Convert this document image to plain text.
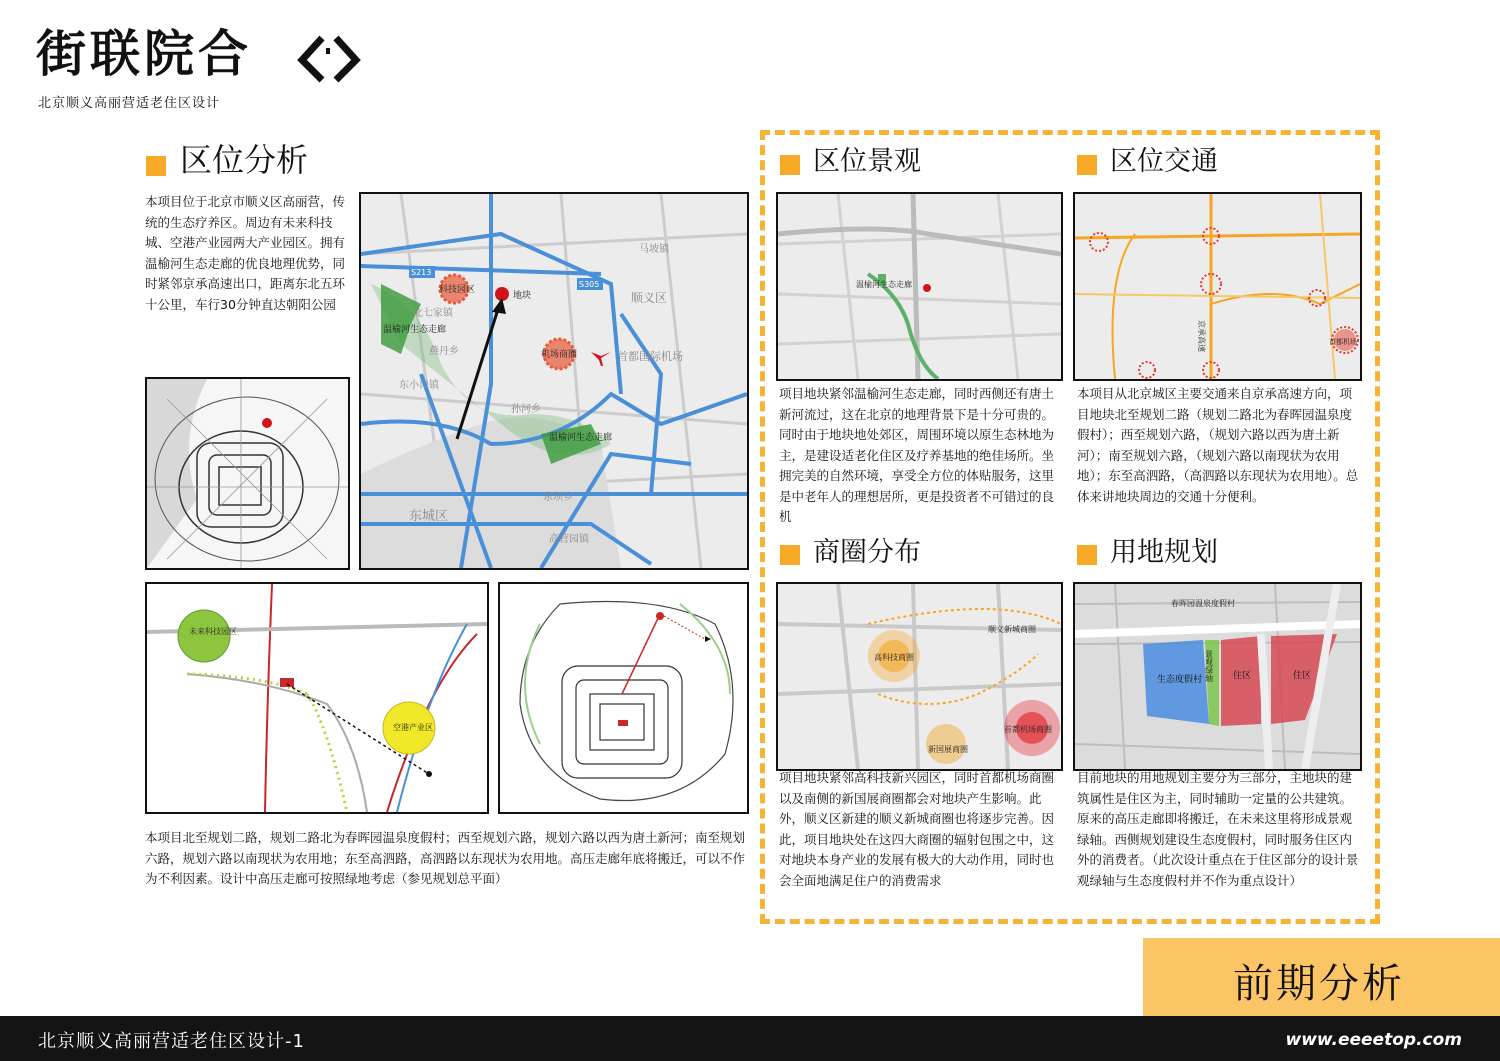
街联院合
北京顺义高丽营适老住区设计
区位分析
本项目位于北京市顺义区高丽营，传统的生态疗养区。周边有未来科技城、空港产业园两大产业园区。拥有温榆河生态走廊的优良地理优势，同时紧邻京承高速出口，距离东北五环十公里，车行30分钟直达朝阳公园
地块
科技园区
机场商圈
温榆河生态走廊
温榆河生态走廊
顺义区
首都国际机场
东城区
马坡镇
北七家镇
燕丹乡
东小口镇
孙河乡
东坝乡
高营园镇
S213
S305
未来科技园区
空港产业区
本项目北至规划二路，规划二路北为春晖园温泉度假村；西至规划六路，规划六路以西为唐土新河；南至规划六路，规划六路以南现状为农用地；东至高泗路，高泗路以东现状为农用地。高压走廊年底将搬迁，可以不作为不利因素。设计中高压走廊可按照绿地考虑（参见规划总平面）
区位景观
温榆河生态走廊
项目地块紧邻温榆河生态走廊，同时西侧还有唐土新河流过，这在北京的地理背景下是十分可贵的。同时由于地块地处郊区，周围环境以原生态林地为主，是建设适老化住区及疗养基地的绝佳场所。坐拥完美的自然环境，享受全方位的体贴服务，这里是中老年人的理想居所，更是投资者不可错过的良机
区位交通
京承高速	首都机场
本项目从北京城区主要交通来自京承高速方向，项目地块北至规划二路（规划二路北为春晖园温泉度假村）；西至规划六路，（规划六路以西为唐土新河）；南至规划六路，（规划六路以南现状为农用地）；东至高泗路，（高泗路以东现状为农用地）。总体来讲地块周边的交通十分便利。
商圈分布
高科技商圈
顺义新城商圈
新国展商圈
首都机场商圈
项目地块紧邻高科技新兴园区，同时首都机场商圈以及南侧的新国展商圈都会对地块产生影响。此外，顺义区新建的顺义新城商圈也将逐步完善。因此，项目地块处在这四大商圈的辐射包围之中，这对地块本身产业的发展有极大的大动作用，同时也会全面地满足住户的消费需求
用地规划
春晖园温泉度假村
生态度假村	住区	住区
景观绿轴
目前地块的用地规划主要分为三部分，主地块的建筑属性是住区为主，同时辅助一定量的公共建筑。原来的高压走廊即将搬迁，在未来这里将形成景观绿轴。西侧规划建设生态度假村，同时服务住区内外的消费者。（此次设计重点在于住区部分的设计景观绿轴与生态度假村并不作为重点设计）
前期分析
北京顺义高丽营适老住区设计-1	www.eeeetop.com
